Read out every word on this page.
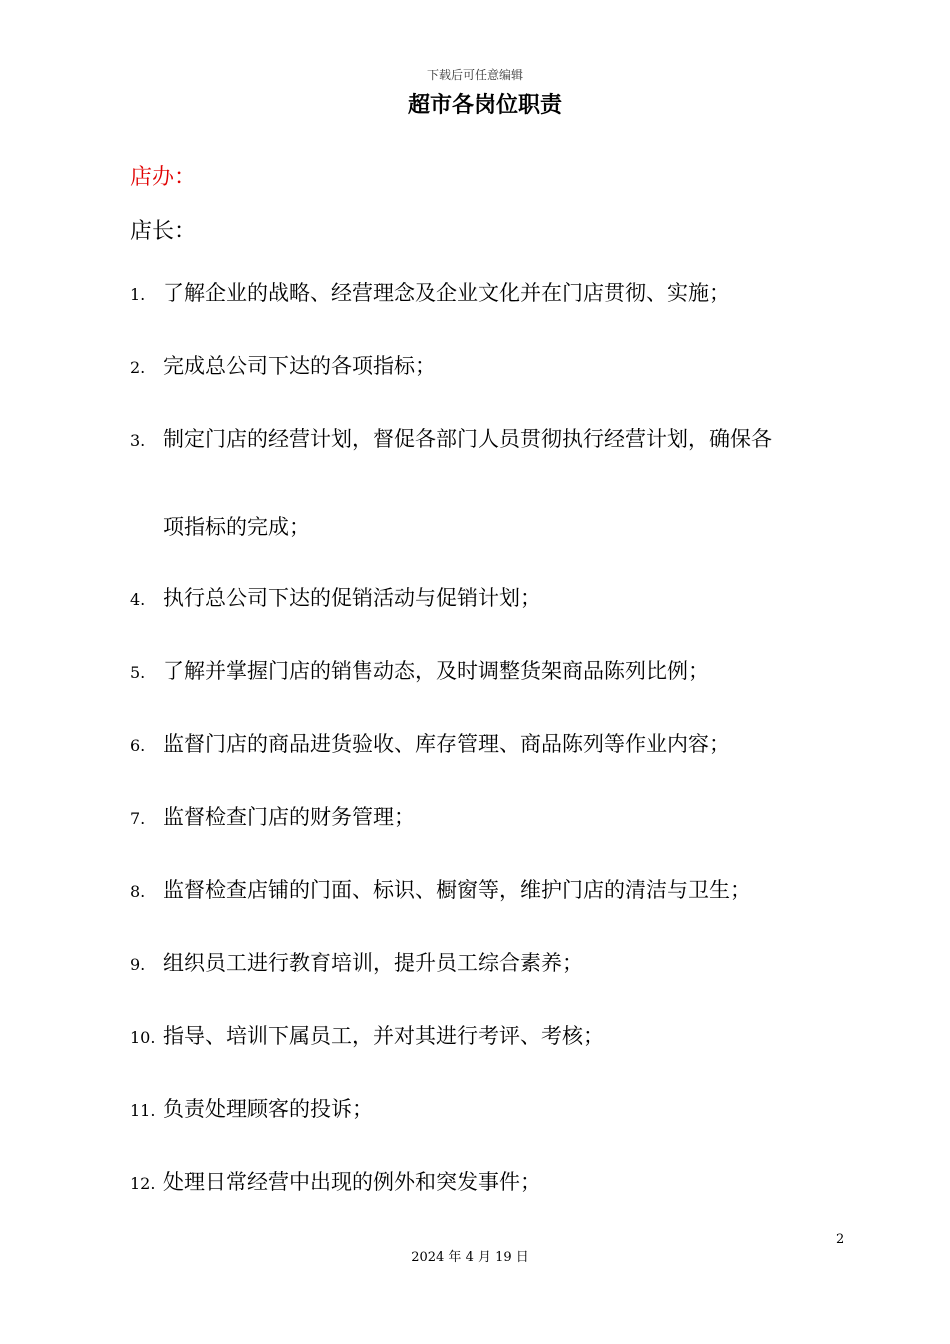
下载后可任意编辑
超市各岗位职责
店办：
店长：
1. 了解企业的战略、经营理念及企业文化并在门店贯彻、实施；
2. 完成总公司下达的各项指标；
3. 制定门店的经营计划，督促各部门人员贯彻执行经营计划，确保各
项指标的完成；
4. 执行总公司下达的促销活动与促销计划；
5. 了解并掌握门店的销售动态，及时调整货架商品陈列比例；
6. 监督门店的商品进货验收、库存管理、商品陈列等作业内容；
7. 监督检查门店的财务管理；
8. 监督检查店铺的门面、标识、橱窗等，维护门店的清洁与卫生；
9. 组织员工进行教育培训，提升员工综合素养；
10. 指导、培训下属员工，并对其进行考评、考核；
11. 负责处理顾客的投诉；
12. 处理日常经营中出现的例外和突发事件；
2
2024 年 4 月 19 日
